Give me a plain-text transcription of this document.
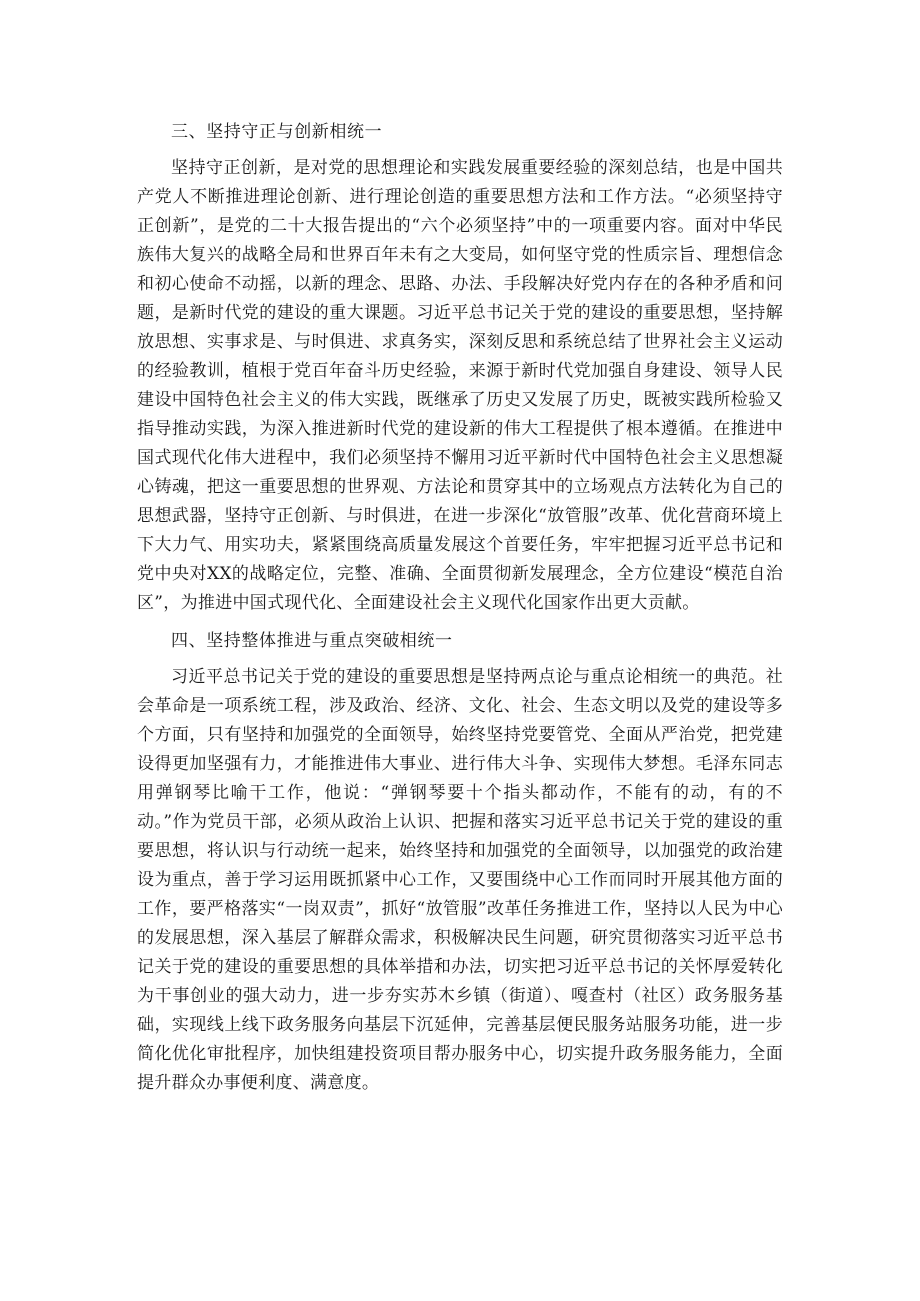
三、坚持守正与创新相统一

坚持守正创新，是对党的思想理论和实践发展重要经验的深刻总结，也是中国共产党人不断推进理论创新、进行理论创造的重要思想方法和工作方法。“必须坚持守正创新”，是党的二十大报告提出的“六个必须坚持”中的一项重要内容。面对中华民族伟大复兴的战略全局和世界百年未有之大变局，如何坚守党的性质宗旨、理想信念和初心使命不动摇，以新的理念、思路、办法、手段解决好党内存在的各种矛盾和问题，是新时代党的建设的重大课题。习近平总书记关于党的建设的重要思想，坚持解放思想、实事求是、与时俱进、求真务实，深刻反思和系统总结了世界社会主义运动的经验教训，植根于党百年奋斗历史经验，来源于新时代党加强自身建设、领导人民建设中国特色社会主义的伟大实践，既继承了历史又发展了历史，既被实践所检验又指导推动实践，为深入推进新时代党的建设新的伟大工程提供了根本遵循。在推进中国式现代化伟大进程中，我们必须坚持不懈用习近平新时代中国特色社会主义思想凝心铸魂，把这一重要思想的世界观、方法论和贯穿其中的立场观点方法转化为自己的思想武器，坚持守正创新、与时俱进，在进一步深化“放管服”改革、优化营商环境上下大力气、用实功夫，紧紧围绕高质量发展这个首要任务，牢牢把握习近平总书记和党中央对XX的战略定位，完整、准确、全面贯彻新发展理念，全方位建设“模范自治区”，为推进中国式现代化、全面建设社会主义现代化国家作出更大贡献。

四、坚持整体推进与重点突破相统一

习近平总书记关于党的建设的重要思想是坚持两点论与重点论相统一的典范。社会革命是一项系统工程，涉及政治、经济、文化、社会、生态文明以及党的建设等多个方面，只有坚持和加强党的全面领导，始终坚持党要管党、全面从严治党，把党建设得更加坚强有力，才能推进伟大事业、进行伟大斗争、实现伟大梦想。毛泽东同志用弹钢琴比喻干工作，他说：“弹钢琴要十个指头都动作，不能有的动，有的不动。”作为党员干部，必须从政治上认识、把握和落实习近平总书记关于党的建设的重要思想，将认识与行动统一起来，始终坚持和加强党的全面领导，以加强党的政治建设为重点，善于学习运用既抓紧中心工作，又要围绕中心工作而同时开展其他方面的工作，要严格落实“一岗双责”，抓好“放管服”改革任务推进工作，坚持以人民为中心的发展思想，深入基层了解群众需求，积极解决民生问题，研究贯彻落实习近平总书记关于党的建设的重要思想的具体举措和办法，切实把习近平总书记的关怀厚爱转化为干事创业的强大动力，进一步夯实苏木乡镇（街道）、嘎查村（社区）政务服务基础，实现线上线下政务服务向基层下沉延伸，完善基层便民服务站服务功能，进一步简化优化审批程序，加快组建投资项目帮办服务中心，切实提升政务服务能力，全面提升群众办事便利度、满意度。
